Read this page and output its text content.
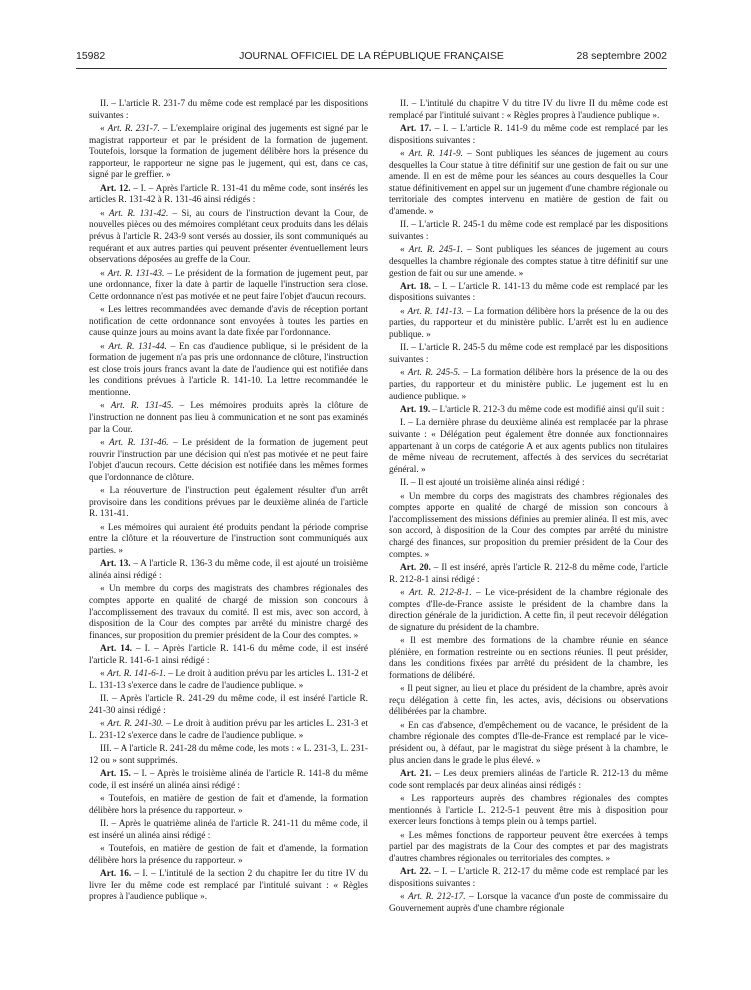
15982	JOURNAL OFFICIEL DE LA RÉPUBLIQUE FRANÇAISE	28 septembre 2002

II. – L'article R. 231-7 du même code est remplacé par les dispositions suivantes :

« Art. R. 231-7. – L'exemplaire original des jugements est signé par le magistrat rapporteur et par le président de la formation de jugement. Toutefois, lorsque la formation de jugement délibère hors la présence du rapporteur, le rapporteur ne signe pas le jugement, qui est, dans ce cas, signé par le greffier. »

Art. 12. – I. – Après l'article R. 131-41 du même code, sont insérés les articles R. 131-42 à R. 131-46 ainsi rédigés :

« Art. R. 131-42. – Si, au cours de l'instruction devant la Cour, de nouvelles pièces ou des mémoires complétant ceux produits dans les délais prévus à l'article R. 243-9 sont versés au dossier, ils sont communiqués au requérant et aux autres parties qui peuvent présenter éventuellement leurs observations déposées au greffe de la Cour.

« Art. R. 131-43. – Le président de la formation de jugement peut, par une ordonnance, fixer la date à partir de laquelle l'instruction sera close. Cette ordonnance n'est pas motivée et ne peut faire l'objet d'aucun recours.

« Les lettres recommandées avec demande d'avis de réception portant notification de cette ordonnance sont envoyées à toutes les parties en cause quinze jours au moins avant la date fixée par l'ordonnance.

« Art. R. 131-44. – En cas d'audience publique, si le président de la formation de jugement n'a pas pris une ordonnance de clôture, l'instruction est close trois jours francs avant la date de l'audience qui est notifiée dans les conditions prévues à l'article R. 141-10. La lettre recommandée le mentionne.

« Art. R. 131-45. – Les mémoires produits après la clôture de l'instruction ne donnent pas lieu à communication et ne sont pas examinés par la Cour.

« Art. R. 131-46. – Le président de la formation de jugement peut rouvrir l'instruction par une décision qui n'est pas motivée et ne peut faire l'objet d'aucun recours. Cette décision est notifiée dans les mêmes formes que l'ordonnance de clôture.

« La réouverture de l'instruction peut également résulter d'un arrêt provisoire dans les conditions prévues par le deuxième alinéa de l'article R. 131-41.

« Les mémoires qui auraient été produits pendant la période comprise entre la clôture et la réouverture de l'instruction sont communiqués aux parties. »

Art. 13. – A l'article R. 136-3 du même code, il est ajouté un troisième alinéa ainsi rédigé :

« Un membre du corps des magistrats des chambres régionales des comptes apporte en qualité de chargé de mission son concours à l'accomplissement des travaux du comité. Il est mis, avec son accord, à disposition de la Cour des comptes par arrêté du ministre chargé des finances, sur proposition du premier président de la Cour des comptes. »

Art. 14. – I. – Après l'article R. 141-6 du même code, il est inséré l'article R. 141-6-1 ainsi rédigé :

« Art. R. 141-6-1. – Le droit à audition prévu par les articles L. 131-2 et L. 131-13 s'exerce dans le cadre de l'audience publique. »

II. – Après l'article R. 241-29 du même code, il est inséré l'article R. 241-30 ainsi rédigé :

« Art. R. 241-30. – Le droit à audition prévu par les articles L. 231-3 et L. 231-12 s'exerce dans le cadre de l'audience publique. »

III. – A l'article R. 241-28 du même code, les mots : « L. 231-3, L. 231-12 ou » sont supprimés.

Art. 15. – I. – Après le troisième alinéa de l'article R. 141-8 du même code, il est inséré un alinéa ainsi rédigé :

« Toutefois, en matière de gestion de fait et d'amende, la formation délibère hors la présence du rapporteur. »

II. – Après le quatrième alinéa de l'article R. 241-11 du même code, il est inséré un alinéa ainsi rédigé :

« Toutefois, en matière de gestion de fait et d'amende, la formation délibère hors la présence du rapporteur. »

Art. 16. – I. – L'intitulé de la section 2 du chapitre Ier du titre IV du livre Ier du même code est remplacé par l'intitulé suivant : « Règles propres à l'audience publique ».

II. – L'intitulé du chapitre V du titre IV du livre II du même code est remplacé par l'intitulé suivant : « Règles propres à l'audience publique ».

Art. 17. – I. – L'article R. 141-9 du même code est remplacé par les dispositions suivantes :

« Art. R. 141-9. – Sont publiques les séances de jugement au cours desquelles la Cour statue à titre définitif sur une gestion de fait ou sur une amende. Il en est de même pour les séances au cours desquelles la Cour statue définitivement en appel sur un jugement d'une chambre régionale ou territoriale des comptes intervenu en matière de gestion de fait ou d'amende. »

II. – L'article R. 245-1 du même code est remplacé par les dispositions suivantes :

« Art. R. 245-1. – Sont publiques les séances de jugement au cours desquelles la chambre régionale des comptes statue à titre définitif sur une gestion de fait ou sur une amende. »

Art. 18. – I. – L'article R. 141-13 du même code est remplacé par les dispositions suivantes :

« Art. R. 141-13. – La formation délibère hors la présence de la ou des parties, du rapporteur et du ministère public. L'arrêt est lu en audience publique. »

II. – L'article R. 245-5 du même code est remplacé par les dispositions suivantes :

« Art. R. 245-5. – La formation délibère hors la présence de la ou des parties, du rapporteur et du ministère public. Le jugement est lu en audience publique. »

Art. 19. – L'article R. 212-3 du même code est modifié ainsi qu'il suit :

I. – La dernière phrase du deuxième alinéa est remplacée par la phrase suivante : « Délégation peut également être donnée aux fonctionnaires appartenant à un corps de catégorie A et aux agents publics non titulaires de même niveau de recrutement, affectés à des services du secrétariat général. »

II. – Il est ajouté un troisième alinéa ainsi rédigé :

« Un membre du corps des magistrats des chambres régionales des comptes apporte en qualité de chargé de mission son concours à l'accomplissement des missions définies au premier alinéa. Il est mis, avec son accord, à disposition de la Cour des comptes par arrêté du ministre chargé des finances, sur proposition du premier président de la Cour des comptes. »

Art. 20. – Il est inséré, après l'article R. 212-8 du même code, l'article R. 212-8-1 ainsi rédigé :

« Art. R. 212-8-1. – Le vice-président de la chambre régionale des comptes d'Ile-de-France assiste le président de la chambre dans la direction générale de la juridiction. A cette fin, il peut recevoir délégation de signature du président de la chambre.

« Il est membre des formations de la chambre réunie en séance plénière, en formation restreinte ou en sections réunies. Il peut présider, dans les conditions fixées par arrêté du président de la chambre, les formations de délibéré.

« Il peut signer, au lieu et place du président de la chambre, après avoir reçu délégation à cette fin, les actes, avis, décisions ou observations délibérées par la chambre.

« En cas d'absence, d'empêchement ou de vacance, le président de la chambre régionale des comptes d'Ile-de-France est remplacé par le vice-président ou, à défaut, par le magistrat du siège présent à la chambre, le plus ancien dans le grade le plus élevé. »

Art. 21. – Les deux premiers alinéas de l'article R. 212-13 du même code sont remplacés par deux alinéas ainsi rédigés :

« Les rapporteurs auprès des chambres régionales des comptes mentionnés à l'article L. 212-5-1 peuvent être mis à disposition pour exercer leurs fonctions à temps plein ou à temps partiel.

« Les mêmes fonctions de rapporteur peuvent être exercées à temps partiel par des magistrats de la Cour des comptes et par des magistrats d'autres chambres régionales ou territoriales des comptes. »

Art. 22. – I. – L'article R. 212-17 du même code est remplacé par les dispositions suivantes :

« Art. R. 212-17. – Lorsque la vacance d'un poste de commissaire du Gouvernement auprès d'une chambre régionale
